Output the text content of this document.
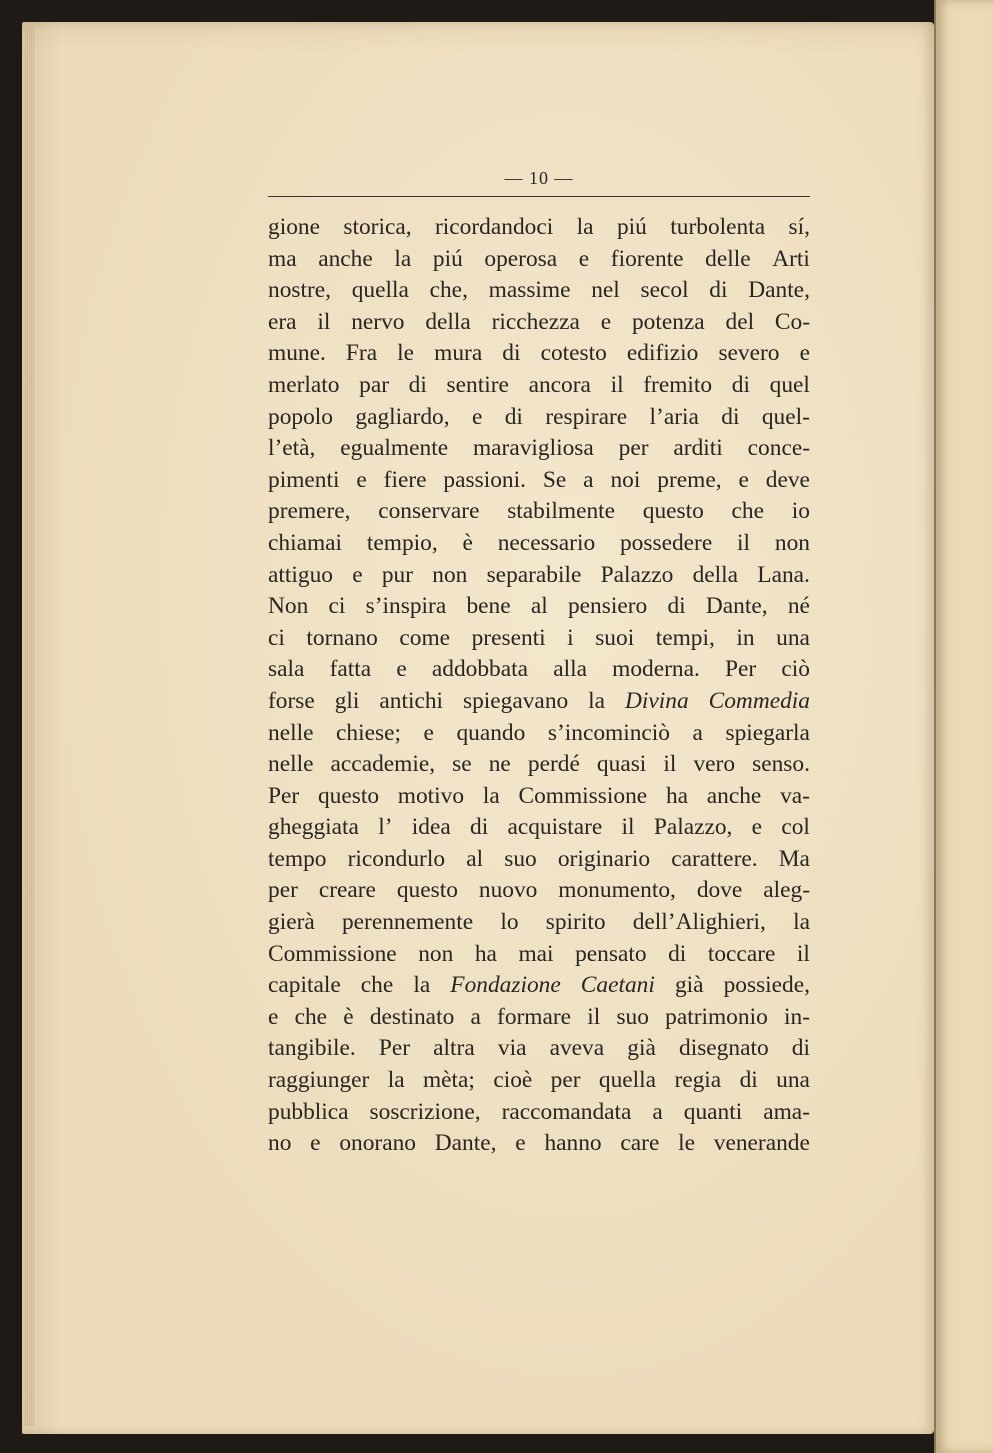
— 10 —
gione storica, ricordandoci la piú turbolenta sí,
ma anche la piú operosa e fiorente delle Arti
nostre, quella che, massime nel secol di Dante,
era il nervo della ricchezza e potenza del Co-
mune. Fra le mura di cotesto edifizio severo e
merlato par di sentire ancora il fremito di quel
popolo gagliardo, e di respirare l’aria di quel-
l’età, egualmente maravigliosa per arditi conce-
pimenti e fiere passioni. Se a noi preme, e deve
premere, conservare stabilmente questo che io
chiamai tempio, è necessario possedere il non
attiguo e pur non separabile Palazzo della Lana.
Non ci s’inspira bene al pensiero di Dante, né
ci tornano come presenti i suoi tempi, in una
sala fatta e addobbata alla moderna. Per ciò
forse gli antichi spiegavano la Divina Commedia
nelle chiese; e quando s’incominciò a spiegarla
nelle accademie, se ne perdé quasi il vero senso.
Per questo motivo la Commissione ha anche va-
gheggiata l’ idea di acquistare il Palazzo, e col
tempo ricondurlo al suo originario carattere. Ma
per creare questo nuovo monumento, dove aleg-
gierà perennemente lo spirito dell’Alighieri, la
Commissione non ha mai pensato di toccare il
capitale che la Fondazione Caetani già possiede,
e che è destinato a formare il suo patrimonio in-
tangibile. Per altra via aveva già disegnato di
raggiunger la mèta; cioè per quella regia di una
pubblica soscrizione, raccomandata a quanti ama-
no e onorano Dante, e hanno care le venerande
